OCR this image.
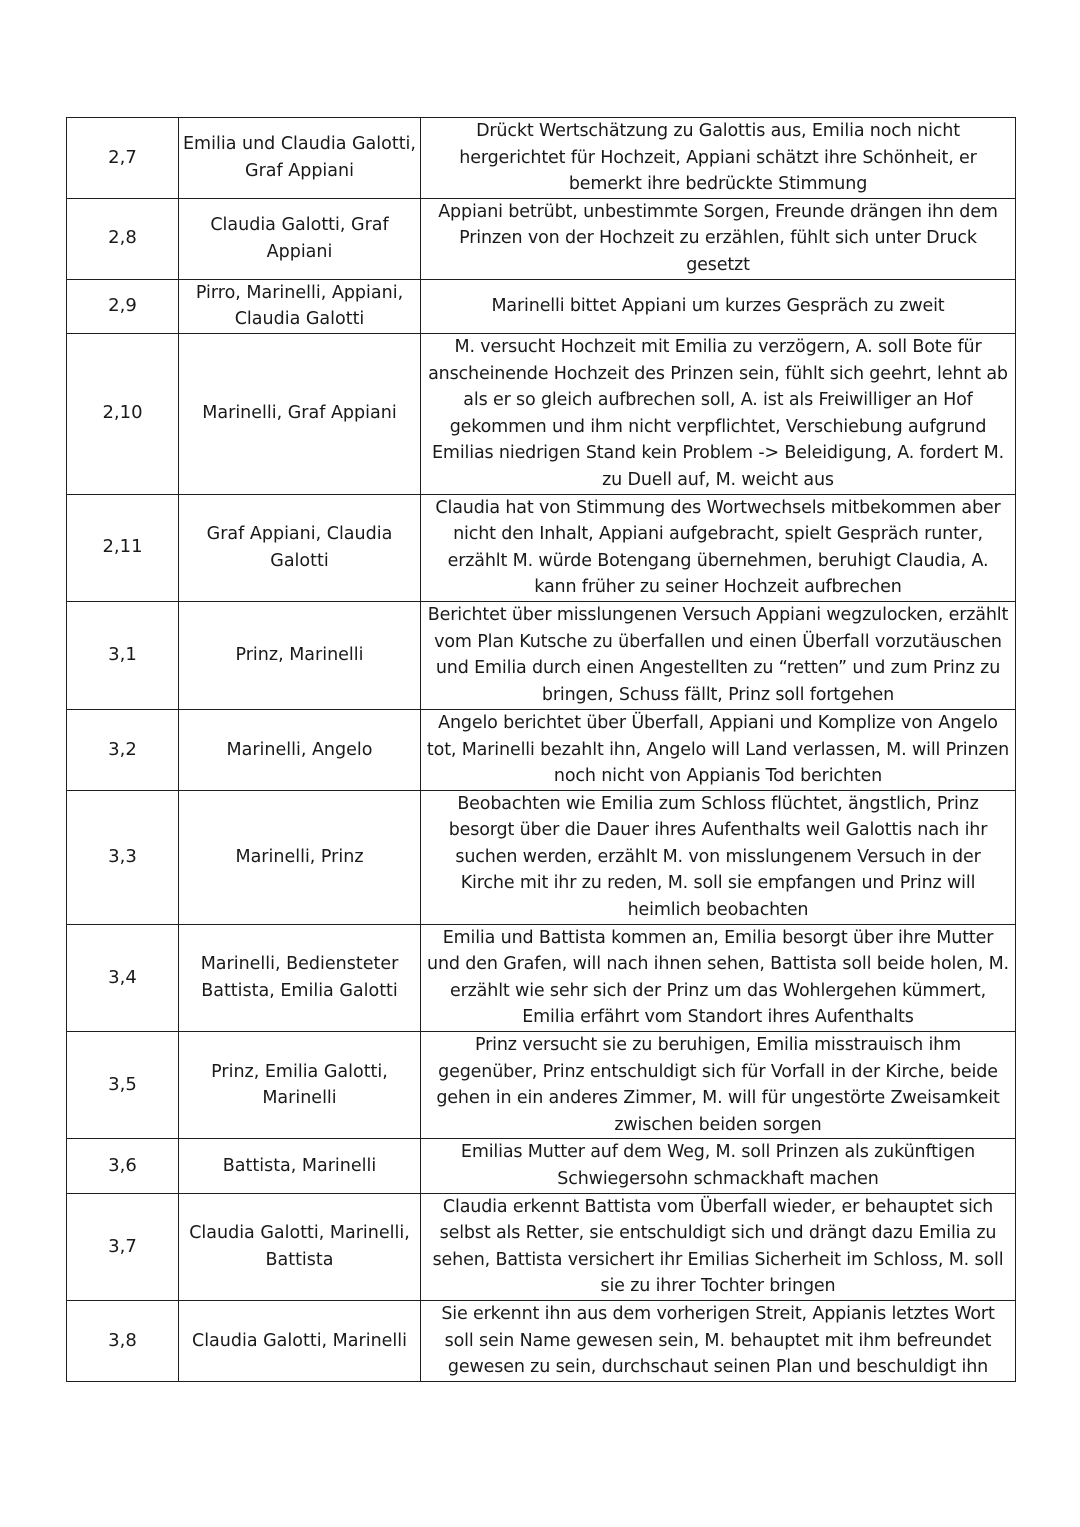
2,7	Emilia und Claudia Galotti, Graf Appiani	Drückt Wertschätzung zu Galottis aus, Emilia noch nicht hergerichtet für Hochzeit, Appiani schätzt ihre Schönheit, er bemerkt ihre bedrückte Stimmung
2,8	Claudia Galotti, Graf Appiani	Appiani betrübt, unbestimmte Sorgen, Freunde drängen ihn dem Prinzen von der Hochzeit zu erzählen, fühlt sich unter Druck gesetzt
2,9	Pirro, Marinelli, Appiani, Claudia Galotti	Marinelli bittet Appiani um kurzes Gespräch zu zweit
2,10	Marinelli, Graf Appiani	M. versucht Hochzeit mit Emilia zu verzögern, A. soll Bote für anscheinende Hochzeit des Prinzen sein, fühlt sich geehrt, lehnt ab als er so gleich aufbrechen soll, A. ist als Freiwilliger an Hof gekommen und ihm nicht verpflichtet, Verschiebung aufgrund Emilias niedrigen Stand kein Problem -> Beleidigung, A. fordert M. zu Duell auf, M. weicht aus
2,11	Graf Appiani, Claudia Galotti	Claudia hat von Stimmung des Wortwechsels mitbekommen aber nicht den Inhalt, Appiani aufgebracht, spielt Gespräch runter, erzählt M. würde Botengang übernehmen, beruhigt Claudia, A. kann früher zu seiner Hochzeit aufbrechen
3,1	Prinz, Marinelli	Berichtet über misslungenen Versuch Appiani wegzulocken, erzählt vom Plan Kutsche zu überfallen und einen Überfall vorzutäuschen und Emilia durch einen Angestellten zu “retten” und zum Prinz zu bringen, Schuss fällt, Prinz soll fortgehen
3,2	Marinelli, Angelo	Angelo berichtet über Überfall, Appiani und Komplize von Angelo tot, Marinelli bezahlt ihn, Angelo will Land verlassen, M. will Prinzen noch nicht von Appianis Tod berichten
3,3	Marinelli, Prinz	Beobachten wie Emilia zum Schloss flüchtet, ängstlich, Prinz besorgt über die Dauer ihres Aufenthalts weil Galottis nach ihr suchen werden, erzählt M. von misslungenem Versuch in der Kirche mit ihr zu reden, M. soll sie empfangen und Prinz will heimlich beobachten
3,4	Marinelli, Bediensteter Battista, Emilia Galotti	Emilia und Battista kommen an, Emilia besorgt über ihre Mutter und den Grafen, will nach ihnen sehen, Battista soll beide holen, M. erzählt wie sehr sich der Prinz um das Wohlergehen kümmert, Emilia erfährt vom Standort ihres Aufenthalts
3,5	Prinz, Emilia Galotti, Marinelli	Prinz versucht sie zu beruhigen, Emilia misstrauisch ihm gegenüber, Prinz entschuldigt sich für Vorfall in der Kirche, beide gehen in ein anderes Zimmer, M. will für ungestörte Zweisamkeit zwischen beiden sorgen
3,6	Battista, Marinelli	Emilias Mutter auf dem Weg, M. soll Prinzen als zukünftigen Schwiegersohn schmackhaft machen
3,7	Claudia Galotti, Marinelli, Battista	Claudia erkennt Battista vom Überfall wieder, er behauptet sich selbst als Retter, sie entschuldigt sich und drängt dazu Emilia zu sehen, Battista versichert ihr Emilias Sicherheit im Schloss, M. soll sie zu ihrer Tochter bringen
3,8	Claudia Galotti, Marinelli	Sie erkennt ihn aus dem vorherigen Streit, Appianis letztes Wort soll sein Name gewesen sein, M. behauptet mit ihm befreundet gewesen zu sein, durchschaut seinen Plan und beschuldigt ihn
